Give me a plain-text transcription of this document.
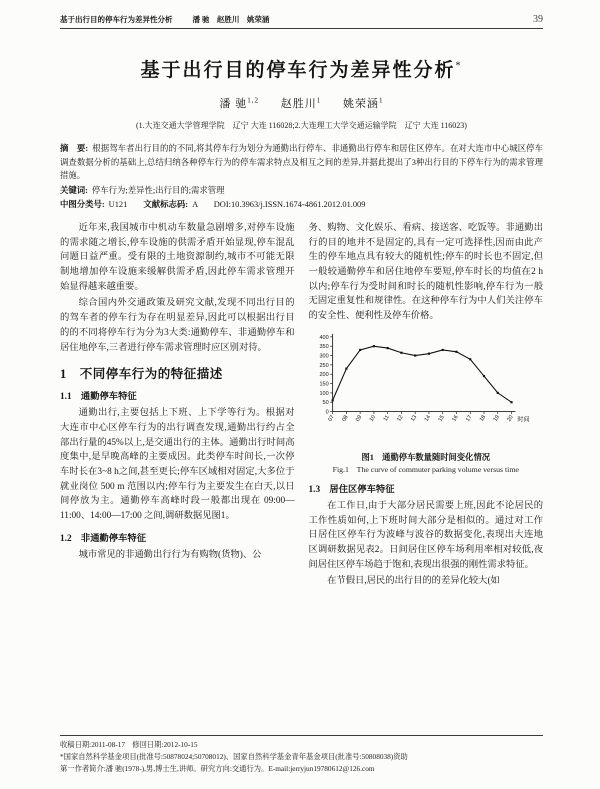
基于出行目的停车行为差异性分析	潘 驰　赵胜川　姚荣涵	39
基于出行目的停车行为差异性分析*
潘 驰$^{1,2}$ 赵胜川$^1$ 姚荣涵$^1$
(1.大连交通大学管理学院　辽宁 大连 116028;2.大连理工大学交通运输学院　辽宁 大连 116023)

摘　要: 根据驾车者出行目的的不同,将其停车行为划分为通勤出行停车、非通勤出行停车和居住区停车。在对大连市中心城区停车调查数据分析的基础上,总结归纳各种停车行为的停车需求特点及相互之间的差异,并据此提出了3种出行目的下停车行为的需求管理措施。

关键词: 停车行为;差异性;出行目的;需求管理

中图分类号: U121 文献标志码: A DOI:10.3963/j.ISSN.1674-4861.2012.01.009

近年来,我国城市中机动车数量急剧增多,对停车设施的需求随之增长,停车设施的供需矛盾开始显现,停车混乱问题日益严重。受有限的土地资源制约,城市不可能无限制地增加停车设施来缓解供需矛盾,因此停车需求管理开始显得越来越重要。

综合国内外交通政策及研究文献,发现不同出行目的的驾车者的停车行为存在明显差异,因此可以根据出行目的的不同将停车行为分为3大类:通勤停车、非通勤停车和居住地停车,三者进行停车需求管理时应区别对待。

1　不同停车行为的特征描述
1.1　通勤停车特征

通勤出行,主要包括上下班、上下学等行为。根据对大连市中心区停车行为的出行调查发现,通勤出行约占全部出行量的45%以上,是交通出行的主体。通勤出行时间高度集中,是早晚高峰的主要成因。此类停车时间长,一次停车时长在3~8 h之间,甚至更长;停车区域相对固定,大多位于就业岗位 500 m 范围以内;停车行为主要发生在白天,以日间停放为主。通勤停车高峰时段一般都出现在 09:00—11:00、14:00—17:00 之间,调研数据见图1。

1.2　非通勤停车特征

城市常见的非通勤出行行为有购物(货物)、公

务、购物、文化娱乐、看病、接送客、吃饭等。非通勤出行的目的地并不是固定的,具有一定可选择性,因而由此产生的停车地点具有较大的随机性;停车的时长也不固定,但一般较通勤停车和居住地停车要短,停车时长的均值在2 h以内;停车行为受时间和时长的随机性影响,停车行为一般无固定重复性和规律性。在这种停车行为中人们关注停车的安全性、便利性及停车价格。

0
50
100
150
200
250
300
350
400
07 08 09 10 11 12 13 14 15 16 17 18 19 20 时间
图1　通勤停车数量随时间变化情况
Fig.1　The curve of commuter parking volume versus time
1.3　居住区停车特征

在工作日,由于大部分居民需要上班,因此不论居民的工作性质如何,上下班时间大部分是相似的。通过对工作日居住区停车行为波峰与波谷的数据变化,表现出大连地区调研数据见表2。日间居住区停车场利用率相对较低,夜间居住区停车场趋于饱和,表现出很强的刚性需求特征。

在节假日,居民的出行目的的差异化较大(如

收稿日期:2011-08-17　修回日期:2012-10-15

*国家自然科学基金项目(批准号:50878024;50708012)、国家自然科学基金青年基金项目(批准号:50808038)资助

第一作者简介:潘 驰(1978-),男,博士生,讲师。研究方向:交通行为。E-mail:jerryjun19780612@126.com
